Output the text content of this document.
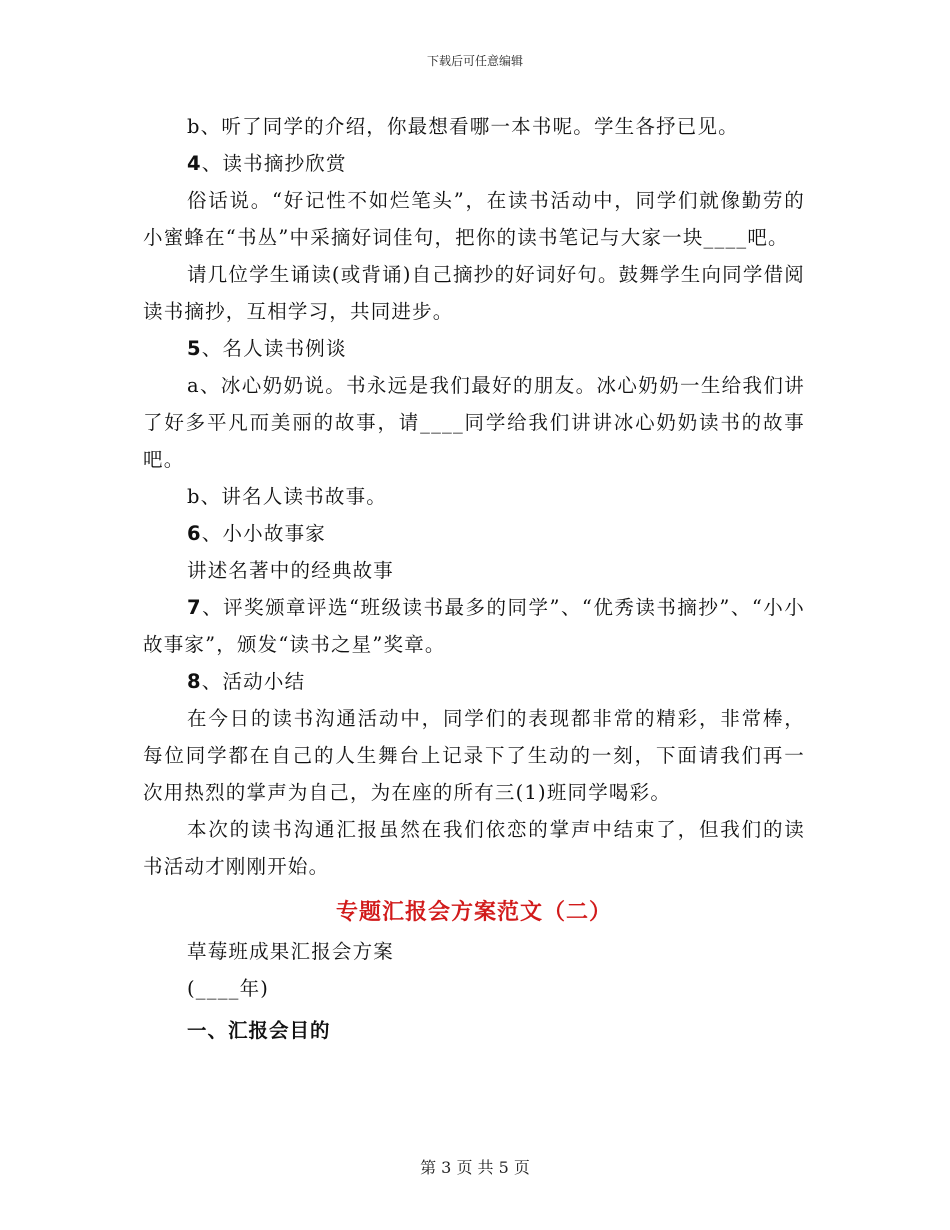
下载后可任意编辑

b、听了同学的介绍，你最想看哪一本书呢。学生各抒已见。

4、读书摘抄欣赏

俗话说。“好记性不如烂笔头”，在读书活动中，同学们就像勤劳的小蜜蜂在“书丛”中采摘好词佳句，把你的读书笔记与大家一块____吧。

请几位学生诵读(或背诵)自己摘抄的好词好句。鼓舞学生向同学借阅读书摘抄，互相学习，共同进步。

5、名人读书例谈

a、冰心奶奶说。书永远是我们最好的朋友。冰心奶奶一生给我们讲了好多平凡而美丽的故事，请____同学给我们讲讲冰心奶奶读书的故事吧。

b、讲名人读书故事。

6、小小故事家

讲述名著中的经典故事

7、评奖颁章评选“班级读书最多的同学”、“优秀读书摘抄”、“小小故事家”，颁发“读书之星”奖章。

8、活动小结

在今日的读书沟通活动中，同学们的表现都非常的精彩，非常棒，每位同学都在自己的人生舞台上记录下了生动的一刻，下面请我们再一次用热烈的掌声为自己，为在座的所有三(1)班同学喝彩。

本次的读书沟通汇报虽然在我们依恋的掌声中结束了，但我们的读书活动才刚刚开始。

专题汇报会方案范文（二）

草莓班成果汇报会方案

(____年)

一、汇报会目的
第 3 页 共 5 页
